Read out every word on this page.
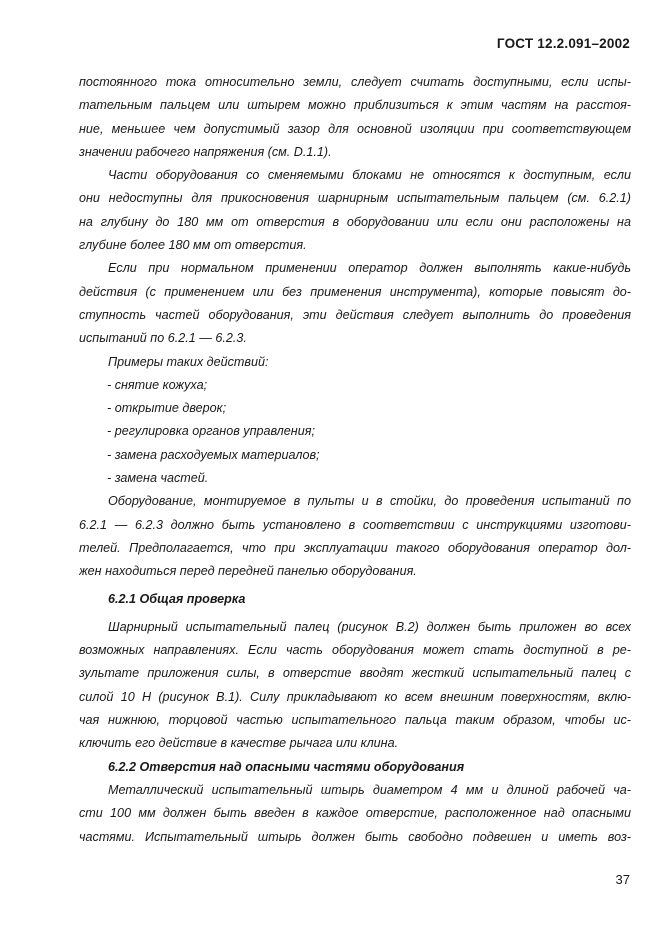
ГОСТ 12.2.091–2002
постоянного тока относительно земли, следует считать доступными, если испы-
тательным пальцем или штырем можно приблизиться к этим частям на расстоя-
ние, меньшее чем допустимый зазор для основной изоляции при соответствующем
значении рабочего напряжения (см. D.1.1).
Части оборудования со сменяемыми блоками не относятся к доступным, если
они недоступны для прикосновения шарнирным испытательным пальцем (см. 6.2.1)
на глубину до 180 мм от отверстия в оборудовании или если они расположены на
глубине более 180 мм от отверстия.
Если при нормальном применении оператор должен выполнять какие-нибудь
действия (с применением или без применения инструмента), которые повысят до-
ступность частей оборудования, эти действия следует выполнить до проведения
испытаний по 6.2.1 — 6.2.3.
Примеры таких действий:
- снятие кожуха;
- открытие дверок;
- регулировка органов управления;
- замена расходуемых материалов;
- замена частей.
Оборудование, монтируемое в пульты и в стойки, до проведения испытаний по
6.2.1 — 6.2.3 должно быть установлено в соответствии с инструкциями изготови-
телей. Предполагается, что при эксплуатации такого оборудования оператор дол-
жен находиться перед передней панелью оборудования.
6.2.1 Общая проверка
Шарнирный испытательный палец (рисунок В.2) должен быть приложен во всех
возможных направлениях. Если часть оборудования может стать доступной в ре-
зультате приложения силы, в отверстие вводят жесткий испытательный палец с
силой 10 Н (рисунок В.1). Силу прикладывают ко всем внешним поверхностям, вклю-
чая нижнюю, торцовой частью испытательного пальца таким образом, чтобы ис-
ключить его действие в качестве рычага или клина.
6.2.2 Отверстия над опасными частями оборудования
Металлический испытательный штырь диаметром 4 мм и длиной рабочей ча-
сти 100 мм должен быть введен в каждое отверстие, расположенное над опасными
частями. Испытательный штырь должен быть свободно подвешен и иметь воз-
37
